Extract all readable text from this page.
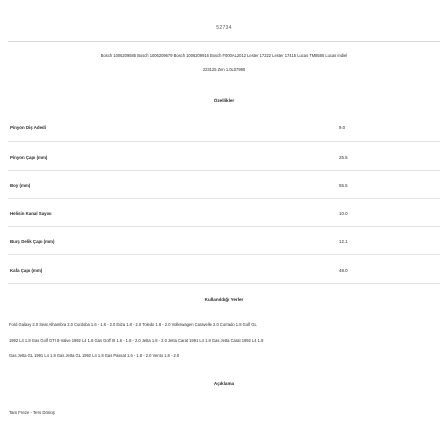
52734
Bosch 1006209585 Bosch 1006209679 Bosch 1006209916 Bosch F000AL2012 Lester 17222 Lester 17415 Lucas TM8585 Lucas Indiel
223125 Zen 1.0L07990
Özellikler
Pinyon Diş Adedi	9.0
Pinyon Çapı (mm)	25.5
Boy (mm)	55.5
Helisin Kanal Sayısı	10.0
Burç Delik Çapı (mm)	12.1
Kafa Çapı (mm)	48.0
Kullanıldığı Yerler
Ford Galaxy 2.0 Seat Alhambra 2.0 Cordoba 1.6 - 1.8 - 2.0 Ibiza 1.8 - 2.0 Toledo 1.8 - 2.0 Volkswagen Caravelle 2.0 Corrado 1.8 Golf GL
1992 L4 1.8 Gas Golf GTI 8-Valve 1992 L4 1.8 Gas Golf III 1.6 - 1.8 - 2.0 Jetta 1.8 - 2.0 Jetta Carat 1991 L4 1.8 Gas Jetta Carat 1992 L4 1.8
Gas Jetta GL 1991 L4 1.8 Gas Jetta GL 1992 L4 1.8 Gas Passat 1.6 - 1.8 - 2.0 Vento 1.8 - 2.0
Açıklama
Tam Freze - Ters Dönüş
